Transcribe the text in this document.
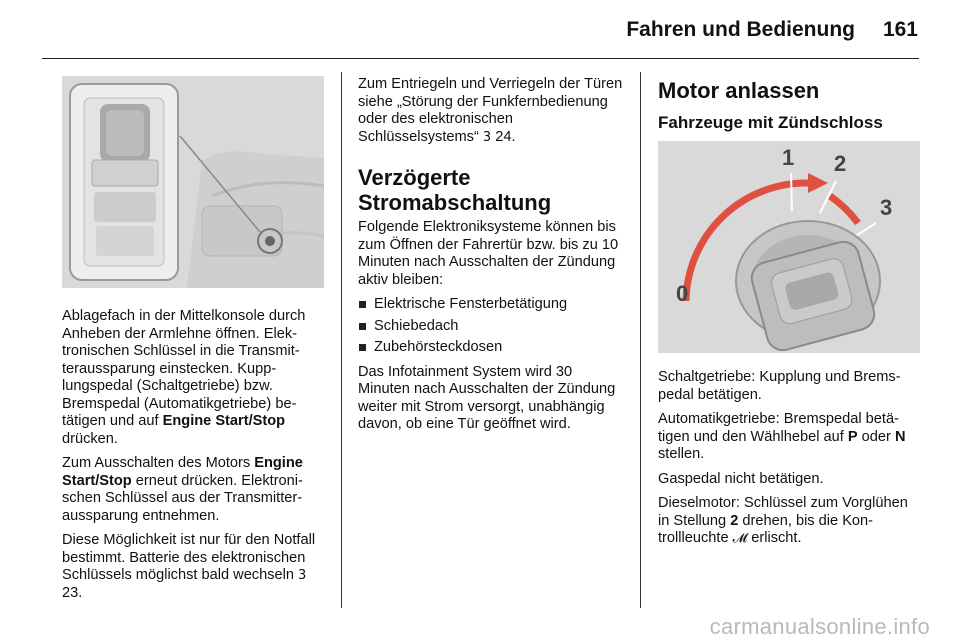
Fahren und Bedienung 161

Ablagefach in der Mittelkonsole durch Anheben der Armlehne öffnen. Elektronischen Schlüssel in die Transmitteraussparung einstecken. Kupplungspedal (Schaltgetriebe) bzw. Bremspedal (Automatikgetriebe) betätigen und auf Engine Start/Stop drücken.

Zum Ausschalten des Motors Engine Start/Stop erneut drücken. Elektronischen Schlüssel aus der Transmitteraussparung entnehmen.

Diese Möglichkeit ist nur für den Notfall bestimmt. Batterie des elektronischen Schlüssels möglichst bald wechseln 3 23.

Zum Entriegeln und Verriegeln der Türen siehe „Störung der Funkfernbedienung oder des elektronischen Schlüsselsystems“ 3 24.

Verzögerte Stromabschaltung

Folgende Elektroniksysteme können bis zum Öffnen der Fahrertür bzw. bis zu 10 Minuten nach Ausschalten der Zündung aktiv bleiben:

Elektrische Fensterbetätigung
Schiebedach
Zubehörsteckdosen

Das Infotainment System wird 30 Minuten nach Ausschalten der Zündung weiter mit Strom versorgt, unabhängig davon, ob eine Tür geöffnet wird.

Motor anlassen
Fahrzeuge mit Zündschloss
0
1 2
3

Schaltgetriebe: Kupplung und Bremspedal betätigen.

Automatikgetriebe: Bremspedal betätigen und den Wählhebel auf P oder N stellen.

Gaspedal nicht betätigen.

Dieselmotor: Schlüssel zum Vorglühen in Stellung 2 drehen, bis die Kontrollleuchte 𝓜 erlischt.

carmanualsonline.info
